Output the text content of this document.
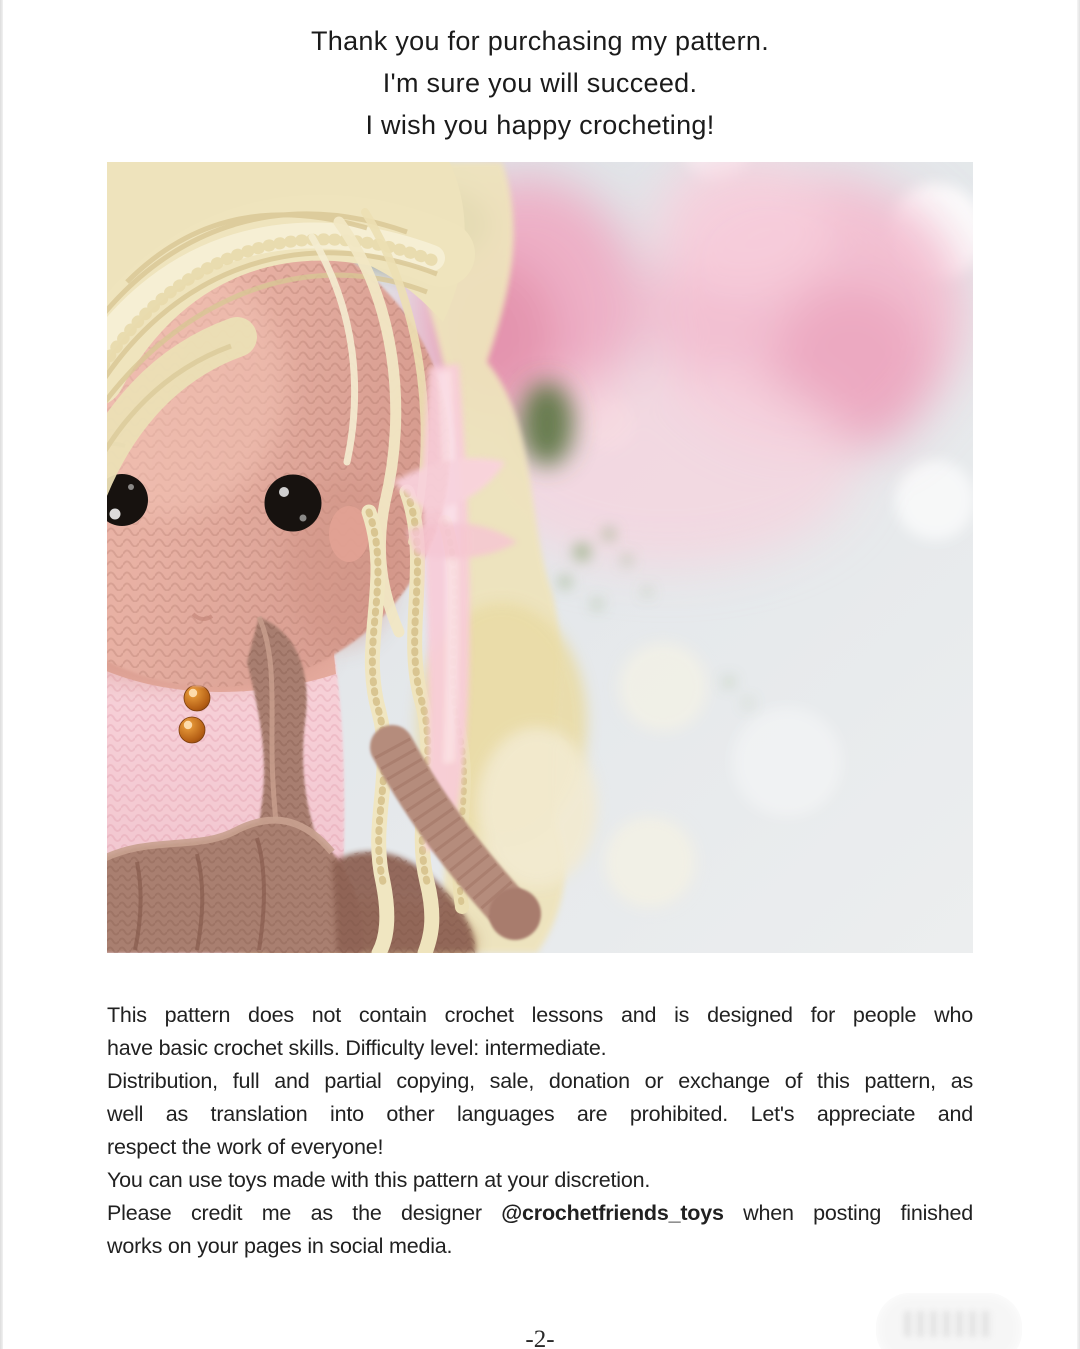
Thank you for purchasing my pattern.
I'm sure you will succeed.
I wish you happy crocheting!
This pattern does not contain crochet lessons and is designed for people who
have basic crochet skills. Difficulty level: intermediate.
Distribution, full and partial copying, sale, donation or exchange of this pattern, as
well as translation into other languages are prohibited. Let's appreciate and
respect the work of everyone!
You can use toys made with this pattern at your discretion.
Please credit me as the designer @crochetfriends_toys when posting finished
works on your pages in social media.
-2-
